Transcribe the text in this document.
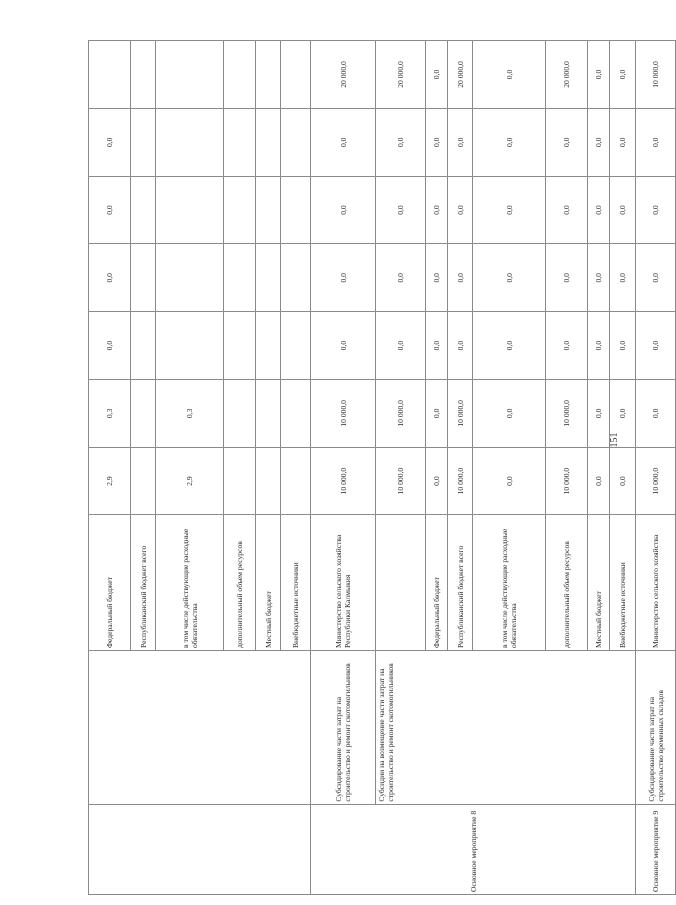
151
		Федеральный бюджет	2,9	0,3	0,0	0,0	0,0	0,0	
		Республиканский бюджет всего							
		в том числе действующие расходные обязательства	2,9	0,3					
		дополнительный объем ресурсов							
		Местный бюджет							
		Внебюджетные источники							
Основное мероприятие 8	Субсидирование части затрат на строительство и ремонт скотомогильников	Министерство сельского хозяйства Республики Калмыкия	10 000,0	10 000,0	0,0	0,0	0,0	0,0	20 000,0
	Субсидии на возмещение части затрат на строительство и ремонт скотомогильников		10 000,0	10 000,0	0,0	0,0	0,0	0,0	20 000,0
		Федеральный бюджет	0,0	0,0	0,0	0,0	0,0	0,0	0,0
		Республиканский бюджет всего	10 000,0	10 000,0	0,0	0,0	0,0	0,0	20 000,0
		в том числе действующие расходные обязательства	0,0	0,0	0,0	0,0	0,0	0,0	0,0
		дополнительный объем ресурсов	10 000,0	10 000,0	0,0	0,0	0,0	0,0	20 000,0
		Местный бюджет	0,0	0,0	0,0	0,0	0,0	0,0	0,0
		Внебюджетные источники	0,0	0,0	0,0	0,0	0,0	0,0	0,0
Основное мероприятие 9	Субсидирование части затрат на строительство временных складов	Министерство сельского хозяйства	10 000,0	0,0	0,0	0,0	0,0	0,0	10 000,0
